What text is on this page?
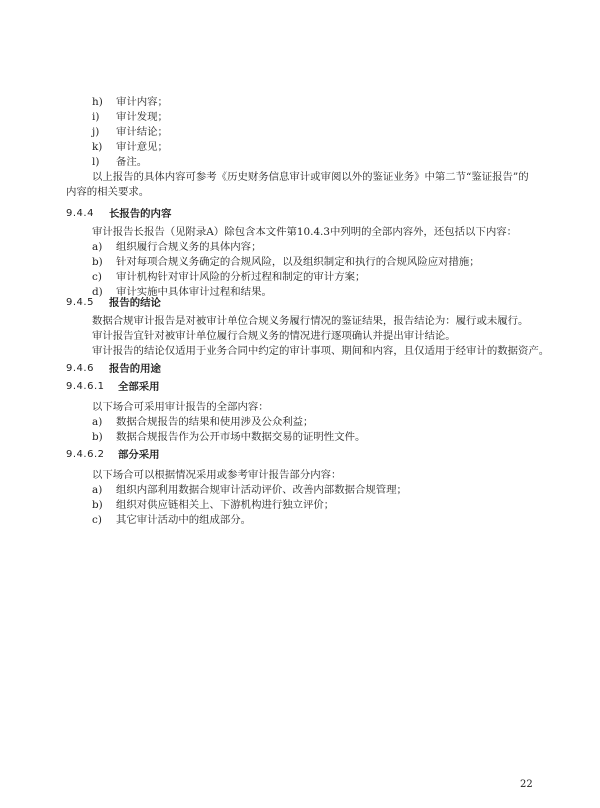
h) 审计内容；
i) 审计发现；
j) 审计结论；
k) 审计意见；
l) 备注。
以上报告的具体内容可参考《历史财务信息审计或审阅以外的鉴证业务》中第二节“鉴证报告”的
内容的相关要求。
9.4.4 长报告的内容
审计报告长报告（见附录A）除包含本文件第10.4.3中列明的全部内容外，还包括以下内容：
a) 组织履行合规义务的具体内容；
b) 针对每项合规义务确定的合规风险，以及组织制定和执行的合规风险应对措施；
c) 审计机构针对审计风险的分析过程和制定的审计方案；
d) 审计实施中具体审计过程和结果。
9.4.5 报告的结论
数据合规审计报告是对被审计单位合规义务履行情况的鉴证结果，报告结论为：履行或未履行。
审计报告宜针对被审计单位履行合规义务的情况进行逐项确认并提出审计结论。
审计报告的结论仅适用于业务合同中约定的审计事项、期间和内容，且仅适用于经审计的数据资产。
9.4.6 报告的用途
9.4.6.1 全部采用
以下场合可采用审计报告的全部内容：
a) 数据合规报告的结果和使用涉及公众利益；
b) 数据合规报告作为公开市场中数据交易的证明性文件。
9.4.6.2 部分采用
以下场合可以根据情况采用或参考审计报告部分内容：
a) 组织内部利用数据合规审计活动评价、改善内部数据合规管理；
b) 组织对供应链相关上、下游机构进行独立评价；
c) 其它审计活动中的组成部分。
22
